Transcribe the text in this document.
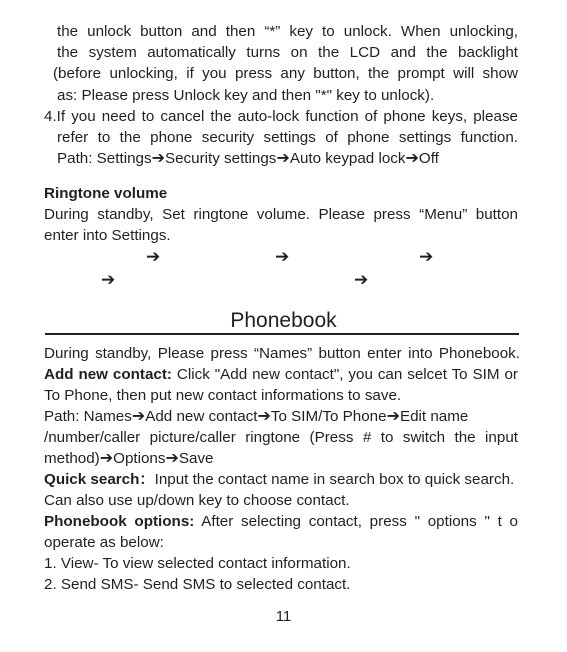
the unlock button and then “*” key to unlock. When unlocking,
the system automatically turns on the LCD and the backlight
(before unlocking, if you press any button, the prompt will show
as: Please press Unlock key and then "*" key to unlock).
4.If you need to cancel the auto-lock function of phone keys, please
refer to the phone security settings of phone settings function.
Path: Settings➔Security settings➔Auto keypad lock➔Off
Ringtone volume
During standby, Set ringtone volume. Please press “Menu” button
enter into Settings.
➔	➔	➔
➔	➔
Phonebook
During standby, Please press “Names” button enter into Phonebook.
Add new contact: Click "Add new contact", you can selcet To SIM or
To Phone, then put new contact informations to save.
Path: Names➔Add new contact➔To SIM/To Phone➔Edit name
/number/caller picture/caller ringtone (Press # to switch the input
method)➔Options➔Save
Quick search：Input the contact name in search box to quick search.
Can also use up/down key to choose contact.
Phonebook options: After selecting contact, press " options " t o
operate as below:
1. View- To view selected contact information.
2. Send SMS- Send SMS to selected contact.
11
